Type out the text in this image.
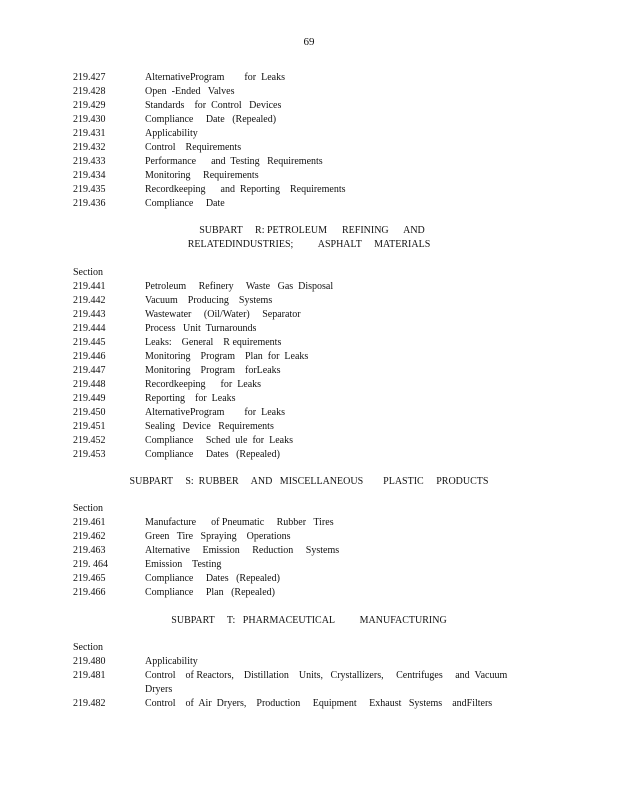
69
219.427	AlternativeProgram        for  Leaks
219.428	Open  -Ended   Valves
219.429	Standards    for  Control   Devices
219.430	Compliance     Date   (Repealed)
219.431	Applicability
219.432	Control    Requirements
219.433	Performance      and  Testing   Requirements
219.434	Monitoring     Requirements
219.435	Recordkeeping      and  Reporting    Requirements
219.436	Compliance     Date
SUBPART     R: PETROLEUM      REFINING      AND
RELATEDINDUSTRIES;          ASPHALT     MATERIALS
Section
219.441	Petroleum     Refinery     Waste   Gas  Disposal
219.442	Vacuum    Producing    Systems
219.443	Wastewater     (Oil/Water)     Separator
219.444	Process   Unit  Turnarounds
219.445	Leaks:    General    R equirements
219.446	Monitoring    Program    Plan  for  Leaks
219.447	Monitoring    Program    forLeaks
219.448	Recordkeeping      for  Leaks
219.449	Reporting    for  Leaks
219.450	AlternativeProgram        for  Leaks
219.451	Sealing   Device   Requirements
219.452	Compliance     Sched  ule  for  Leaks
219.453	Compliance     Dates   (Repealed)
SUBPART     S:  RUBBER     AND   MISCELLANEOUS        PLASTIC     PRODUCTS
Section
219.461	Manufacture      of Pneumatic     Rubber   Tires
219.462	Green   Tire   Spraying    Operations
219.463	Alternative     Emission     Reduction     Systems
219. 464	Emission    Testing
219.465	Compliance     Dates   (Repealed)
219.466	Compliance     Plan   (Repealed)
SUBPART     T:   PHARMACEUTICAL          MANUFACTURING
Section
219.480	Applicability
219.481	Control    of Reactors,    Distillation    Units,   Crystallizers,     Centrifuges     and  Vacuum
Dryers
219.482	Control    of  Air  Dryers,    Production     Equipment     Exhaust   Systems    andFilters
